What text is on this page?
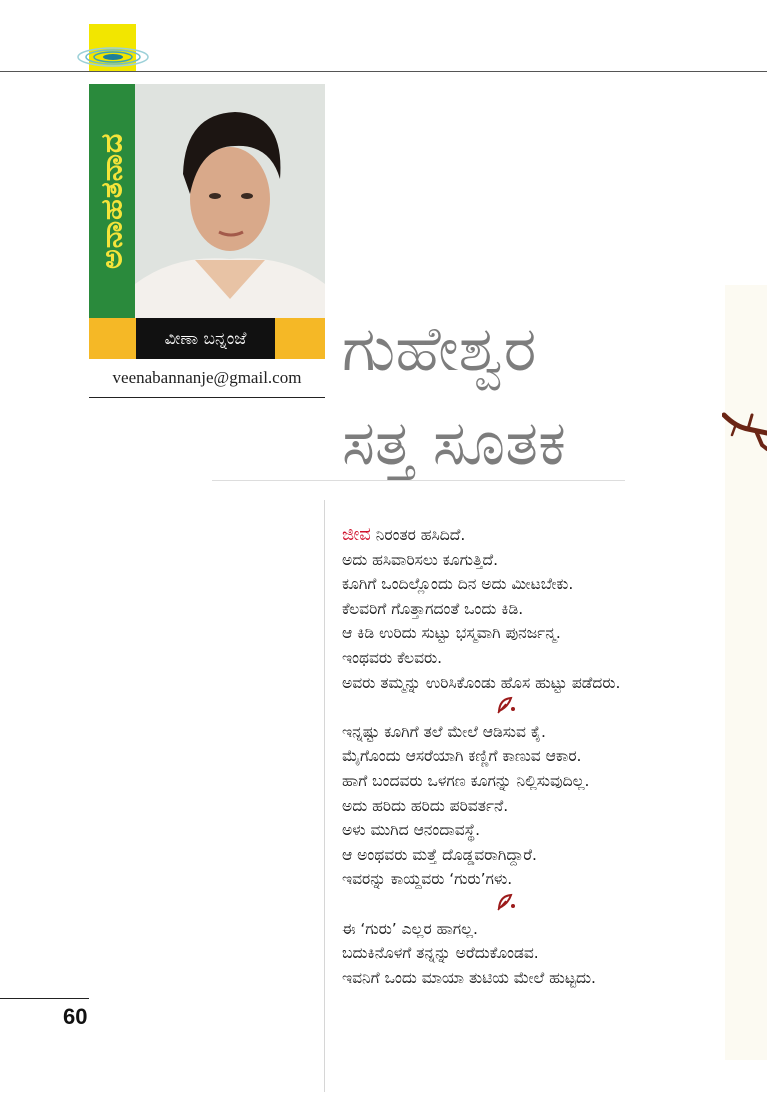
ಅನಾಹತನಾದ
ವೀಣಾ ಬನ್ನಂಜೆ
veenabannanje@gmail.com ಗುಹೇಶ್ವರ
ಸತ್ತ ಸೂತಕ
ಜೀವ ನಿರಂತರ ಹಸಿದಿದೆ.
ಅದು ಹಸಿವಾರಿಸಲು ಕೂಗುತ್ತಿದೆ.
ಕೂಗಿಗೆ ಒಂದಿಲ್ಲೊಂದು ದಿನ ಅದು ಮೀಟಬೇಕು.
ಕೆಲವರಿಗೆ ಗೊತ್ತಾಗದಂತೆ ಒಂದು ಕಿಡಿ.
ಆ ಕಿಡಿ ಉರಿದು ಸುಟ್ಟು ಭಸ್ಮವಾಗಿ ಪುನರ್ಜನ್ಮ.
ಇಂಥವರು ಕೆಲವರು.
ಅವರು ತಮ್ಮನ್ನು ಉರಿಸಿಕೊಂಡು ಹೊಸ ಹುಟ್ಟು ಪಡೆದರು.
ಇನ್ನಷ್ಟು ಕೂಗಿಗೆ ತಲೆ ಮೇಲೆ ಆಡಿಸುವ ಕೈ.
ಮೈಗೊಂದು ಆಸರೆಯಾಗಿ ಕಣ್ಣಿಗೆ ಕಾಣುವ ಆಕಾರ.
ಹಾಗೆ ಬಂದವರು ಒಳಗಣ ಕೂಗನ್ನು ನಿಲ್ಲಿಸುವುದಿಲ್ಲ.
ಅದು ಹರಿದು ಹರಿದು ಪರಿವರ್ತನೆ.
ಅಳು ಮುಗಿದ ಆನಂದಾವಸ್ಥೆ.
ಆ ಅಂಥವರು ಮತ್ತೆ ದೊಡ್ಡವರಾಗಿದ್ದಾರೆ.
ಇವರನ್ನು ಕಾಯ್ದವರು ‘ಗುರು’ಗಳು.
ಈ ‘ಗುರು’ ಎಲ್ಲರ ಹಾಗಲ್ಲ.
ಬದುಕಿನೊಳಗೆ ತನ್ನನ್ನು ಅರೆದುಕೊಂಡವ.
ಇವನಿಗೆ ಒಂದು ಮಾಯಾ ತುಟಿಯ ಮೇಲೆ ಹುಟ್ಟದು.
60
